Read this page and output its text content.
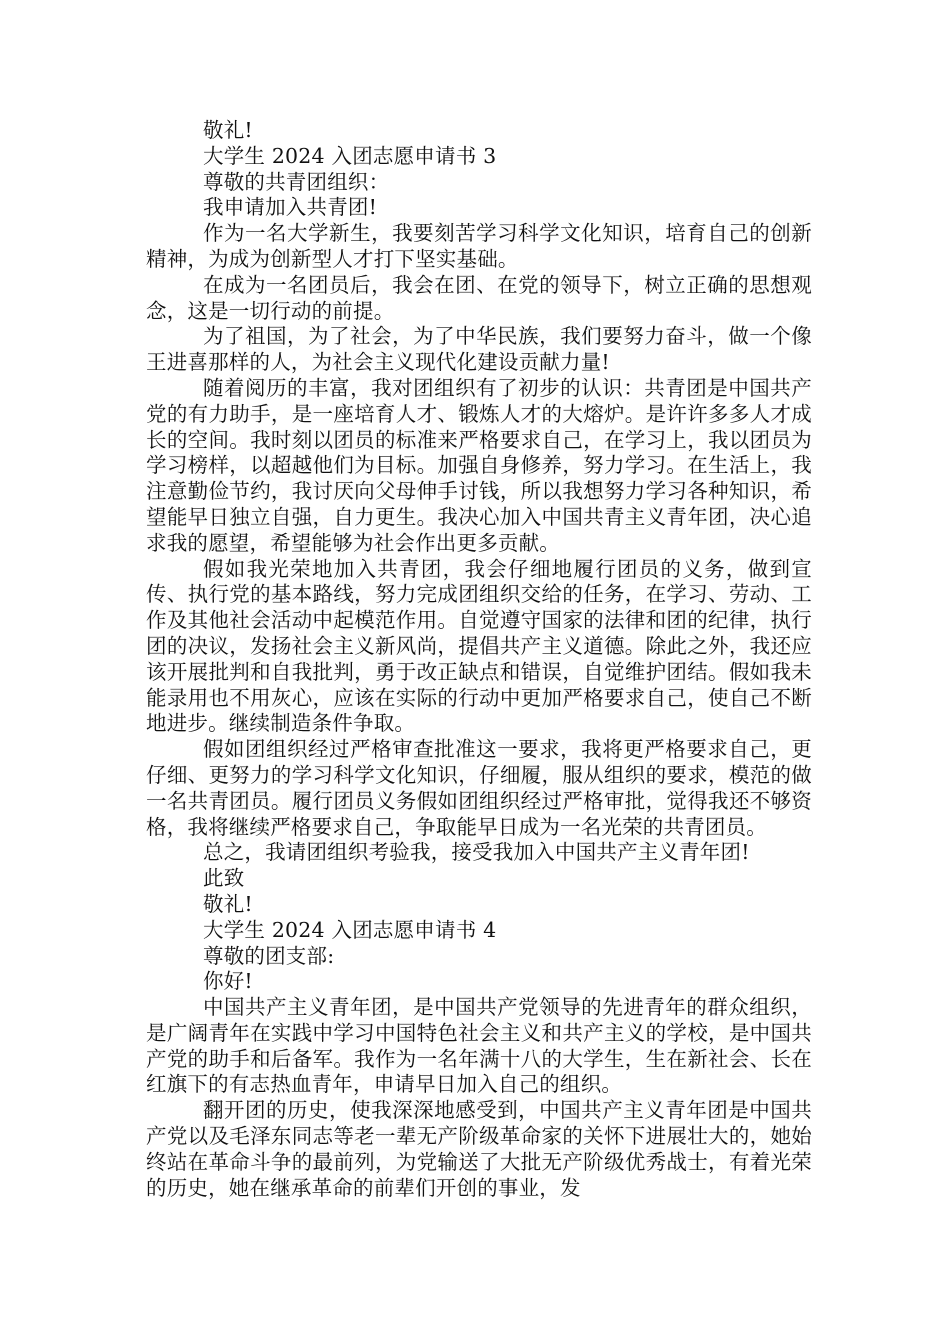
敬礼!

大学生 2024 入团志愿申请书 3

尊敬的共青团组织：

我申请加入共青团!

作为一名大学新生，我要刻苦学习科学文化知识，培育自己的创新精神，为成为创新型人才打下坚实基础。

在成为一名团员后，我会在团、在党的领导下，树立正确的思想观念，这是一切行动的前提。

为了祖国，为了社会，为了中华民族，我们要努力奋斗，做一个像王进喜那样的人，为社会主义现代化建设贡献力量!

随着阅历的丰富，我对团组织有了初步的认识：共青团是中国共产党的有力助手，是一座培育人才、锻炼人才的大熔炉。是许许多多人才成长的空间。我时刻以团员的标准来严格要求自己，在学习上，我以团员为学习榜样，以超越他们为目标。加强自身修养，努力学习。在生活上，我注意勤俭节约，我讨厌向父母伸手讨钱，所以我想努力学习各种知识，希望能早日独立自强，自力更生。我决心加入中国共青主义青年团，决心追求我的愿望，希望能够为社会作出更多贡献。

假如我光荣地加入共青团，我会仔细地履行团员的义务，做到宣传、执行党的基本路线，努力完成团组织交给的任务，在学习、劳动、工作及其他社会活动中起模范作用。自觉遵守国家的法律和团的纪律，执行团的决议，发扬社会主义新风尚，提倡共产主义道德。除此之外，我还应该开展批判和自我批判，勇于改正缺点和错误，自觉维护团结。假如我未能录用也不用灰心，应该在实际的行动中更加严格要求自己，使自己不断地进步。继续制造条件争取。

假如团组织经过严格审查批准这一要求，我将更严格要求自己，更仔细、更努力的学习科学文化知识，仔细履，服从组织的要求，模范的做一名共青团员。履行团员义务假如团组织经过严格审批，觉得我还不够资格，我将继续严格要求自己，争取能早日成为一名光荣的共青团员。

总之，我请团组织考验我，接受我加入中国共产主义青年团!

此致

敬礼!

大学生 2024 入团志愿申请书 4

尊敬的团支部:

你好!

中国共产主义青年团，是中国共产党领导的先进青年的群众组织，是广阔青年在实践中学习中国特色社会主义和共产主义的学校，是中国共产党的助手和后备军。我作为一名年满十八的大学生，生在新社会、长在红旗下的有志热血青年，申请早日加入自己的组织。

翻开团的历史，使我深深地感受到，中国共产主义青年团是中国共产党以及毛泽东同志等老一辈无产阶级革命家的关怀下进展壮大的，她始终站在革命斗争的最前列，为党输送了大批无产阶级优秀战士，有着光荣的历史，她在继承革命的前辈们开创的事业，发
